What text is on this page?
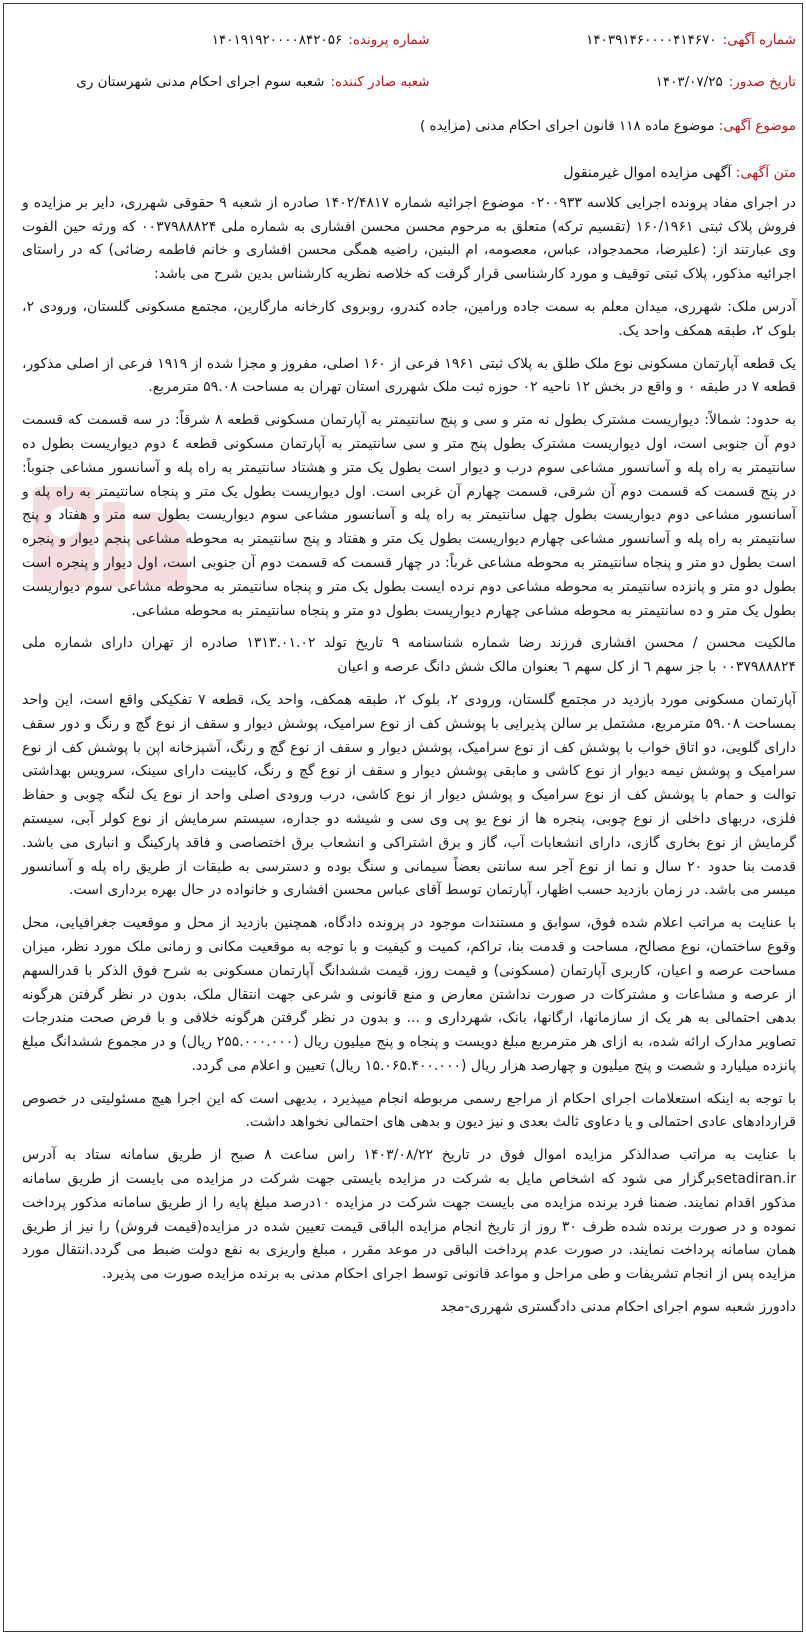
شماره آگهی:
۱۴۰۳۹۱۴۶۰۰۰۰۴۱۴۶۷۰
شماره پرونده:
۱۴۰۱۹۱۹۲۰۰۰۰۸۴۲۰۵۶
تاریخ صدور:
۱۴۰۳/۰۷/۲۵
شعبه صادر کننده:
شعبه سوم اجرای احکام مدنی شهرستان ری
موضوع آگهی: موضوع ماده ۱۱۸ قانون اجرای احکام مدنی (مزایده )

متن آگهی: آگهی مزایده اموال غیرمنقول

در اجرای مفاد پرونده اجرایی کلاسه ۰۲۰۰۹۳۳ موضوع اجرائیه شماره ۱۴۰۲/۴۸۱۷ صادره از شعبه ۹ حقوقی شهرری، دایر بر مزایده و فروش پلاک ثبتی ۱۶۰/۱۹۶۱ (تقسیم ترکه) متعلق به مرحوم محسن محسن افشاری به شماره ملی ۰۰۳۷۹۸۸۸۲۴ که ورثه حین الفوت وی عبارتند از: (علیرضا، محمدجواد، عباس، معصومه، ام البنین، راضیه همگی محسن افشاری و خانم فاطمه رضائی) که در راستای اجرائیه مذکور، پلاک ثبتی توقیف و مورد کارشناسی قرار گرفت که خلاصه نظریه کارشناس بدین شرح می باشد:

آدرس ملک: شهرری، میدان معلم به سمت جاده ورامین، جاده کندرو، روبروی کارخانه مارگارین، مجتمع مسکونی گلستان، ورودی ۲، بلوک ۲، طبقه همکف واحد یک.

یک قطعه آپارتمان مسکونی نوع ملک طلق به پلاک ثبتی ۱۹۶۱ فرعی از ۱۶۰ اصلی، مفروز و مجزا شده از ۱۹۱۹ فرعی از اصلی مذکور، قطعه ۷ در طبقه ۰ و واقع در بخش ۱۲ ناحیه ۰۲ حوزه ثبت ملک شهرری استان تهران به مساحت ۵۹.۰۸ مترمربع.

به حدود: شمالاً: دیواریست مشترک بطول نه متر و سی و پنج سانتیمتر به آپارتمان مسکونی قطعه ۸ شرقاً: در سه قسمت که قسمت دوم آن جنوبی است، اول دیواریست مشترک بطول پنج متر و سی سانتیمتر به آپارتمان مسکونی قطعه ٤ دوم دیواریست بطول ده سانتیمتر به راه پله و آسانسور مشاعی سوم درب و دیوار است بطول یک متر و هشتاد سانتیمتر به راه پله و آسانسور مشاعی جنوباً: در پنج قسمت که قسمت دوم آن شرقی، قسمت چهارم آن غربی است. اول دیواریست بطول یک متر و پنجاه سانتیمتر به راه پله و آسانسور مشاعی دوم دیواریست بطول چهل سانتیمتر به راه پله و آسانسور مشاعی سوم دیواریست بطول سه متر و هفتاد و پنج سانتیمتر به راه پله و آسانسور مشاعی چهارم دیواریست بطول یک متر و هفتاد و پنج سانتیمتر به محوطه مشاعی پنجم دیوار و پنجره است بطول دو متر و پنجاه سانتیمتر به محوطه مشاعی غرباً: در چهار قسمت که قسمت دوم آن جنوبی است، اول دیوار و پنجره است بطول دو متر و پانزده سانتیمتر به محوطه مشاعی دوم نرده ایست بطول یک متر و پنجاه سانتیمتر به محوطه مشاعی سوم دیواریست بطول یک متر و ده سانتیمتر به محوطه مشاعی چهارم دیواریست بطول دو متر و پنجاه سانتیمتر به محوطه مشاعی.

مالکیت محسن / محسن افشاری فرزند رضا شماره شناسنامه ۹ تاریخ تولد ۱۳۱۳.۰۱.۰۲ صادره از تهران دارای شماره ملی ۰۰۳۷۹۸۸۸۲۴ با جز سهم ٦ از کل سهم ٦ بعنوان مالک شش دانگ عرصه و اعیان

آپارتمان مسکونی مورد بازدید در مجتمع گلستان، ورودی ۲، بلوک ۲، طبقه همکف، واحد یک، قطعه ۷ تفکیکی واقع است، این واحد بمساحت ۵۹.۰۸ مترمربع، مشتمل بر سالن پذیرایی با پوشش کف از نوع سرامیک، پوشش دیوار و سقف از نوع گچ و رنگ و دور سقف دارای گلویی، دو اتاق خواب با پوشش کف از نوع سرامیک، پوشش دیوار و سقف از نوع گچ و رنگ، آشپزخانه اپن با پوشش کف از نوع سرامیک و پوشش نیمه دیوار از نوع کاشی و مابقی پوشش دیوار و سقف از نوع گچ و رنگ، کابینت دارای سینک، سرویس بهداشتی توالت و حمام با پوشش کف از نوع سرامیک و پوشش دیوار از نوع کاشی، درب ورودی اصلی واحد از نوع یک لنگه چوبی و حفاظ فلزی، دربهای داخلی از نوع چوبی، پنجره ها از نوع یو پی وی سی و شیشه دو جداره، سیستم سرمایش از نوع کولر آبی، سیستم گرمایش از نوع بخاری گازی، دارای انشعابات آب، گاز و برق اشتراکی و انشعاب برق اختصاصی و فاقد پارکینگ و انباری می باشد. قدمت بنا حدود ۲۰ سال و نما از نوع آجر سه سانتی بعضاً سیمانی و سنگ بوده و دسترسی به طبقات از طریق راه پله و آسانسور میسر می باشد. در زمان بازدید حسب اظهار، آپارتمان توسط آقای عباس محسن افشاری و خانواده در حال بهره برداری است.

با عنایت به مراتب اعلام شده فوق، سوابق و مستندات موجود در پرونده دادگاه، همچنین بازدید از محل و موقعیت جغرافیایی، محل وقوع ساختمان، نوع مصالح، مساحت و قدمت بنا، تراکم، کمیت و کیفیت و با توجه به موقعیت مکانی و زمانی ملک مورد نظر، میزان مساحت عرصه و اعیان، کاربری آپارتمان (مسکونی) و قیمت روز، قیمت ششدانگ آپارتمان مسکونی به شرح فوق الذکر با قدرالسهم از عرصه و مشاعات و مشترکات در صورت نداشتن معارض و منع قانونی و شرعی جهت انتقال ملک، بدون در نظر گرفتن هرگونه بدهی احتمالی به هر یک از سازمانها، ارگانها، بانک، شهرداری و ... و بدون در نظر گرفتن هرگونه خلافی و با فرض صحت مندرجات تصاویر مدارک ارائه شده، به ازای هر مترمربع مبلغ دویست و پنجاه و پنج میلیون ریال (۲۵۵.۰۰۰.۰۰۰ ریال) و در مجموع ششدانگ مبلغ پانزده میلیارد و شصت و پنج میلیون و چهارصد هزار ریال (۱۵.۰۶۵.۴۰۰.۰۰۰ ریال) تعیین و اعلام می گردد.

با توجه به اینکه استعلامات اجرای احکام از مراجع رسمی مربوطه انجام میپذیرد ، بدیهی است که این اجرا هیچ مسئولیتی در خصوص قراردادهای عادی احتمالی و یا دعاوی ثالث بعدی و نیز دیون و بدهی های احتمالی نخواهد داشت.

با عنایت به مراتب صدالذکر مزایده اموال فوق در تاریخ ۱۴۰۳/۰۸/۲۲ راس ساعت ۸ صبح از طریق سامانه ستاد به آدرس setadiran.irبرگزار می شود که اشخاص مایل به شرکت در مزایده بایستی جهت شرکت در مزایده می بایست از طریق سامانه مذکور اقدام نمایند. ضمنا فرد برنده مزایده می بایست جهت شرکت در مزایده ۱۰درصد مبلغ پایه را از طریق سامانه مذکور پرداخت نموده و در صورت برنده شده ظرف ۳۰ روز از تاریخ انجام مزایده الباقی قیمت تعیین شده در مزایده(قیمت فروش) را نیز از طریق همان سامانه پرداخت نمایند. در صورت عدم پرداخت الباقی در موعد مقرر ، مبلغ واریزی به نفع دولت ضبط می گردد.انتقال مورد مزایده پس از انجام تشریفات و طی مراحل و مواعد قانونی توسط اجرای احکام مدنی به برنده مزایده صورت می پذیرد.

دادورز شعبه سوم اجرای احکام مدنی دادگستری شهرری-مجد
